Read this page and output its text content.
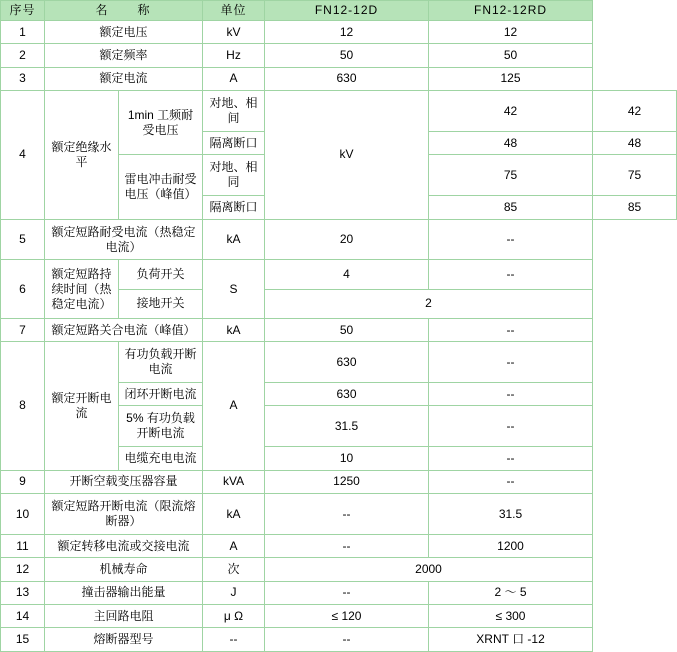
序号	名　　称		单位	FN12-12D	FN12-12RD	
1	额定电压		kV	12	12	
2	额定频率		Hz	50	50	
3	额定电流		A	630	125	
4	额定绝缘水平	1min 工频耐受电压	对地、相间	kV	42	42
			隔离断口		48	48
		雷电冲击耐受电压（峰值）	对地、相同		75	75
			隔离断口		85	85
5	额定短路耐受电流（热稳定电流）		kA	20	--	
6	额定短路持续时间（热稳定电流）	负荷开关	S	4	--	
		接地开关		2		
7	额定短路关合电流（峰值）		kA	50	--	
8	额定开断电流	有功负载开断电流	A	630	--	
		闭环开断电流		630	--	
		5% 有功负载开断电流		31.5	--	
		电缆充电电流		10	--	
9	开断空载变压器容量		kVA	1250	--	
10	额定短路开断电流（限流熔断器）		kA	--	31.5	
11	额定转移电流或交接电流		A	--	1200	
12	机械寿命		次	2000		
13	撞击器输出能量		J	--	2 ～ 5	
14	主回路电阻		μ Ω	≤ 120	≤ 300	
15	熔断器型号		--	--	XRNT 口 -12	
